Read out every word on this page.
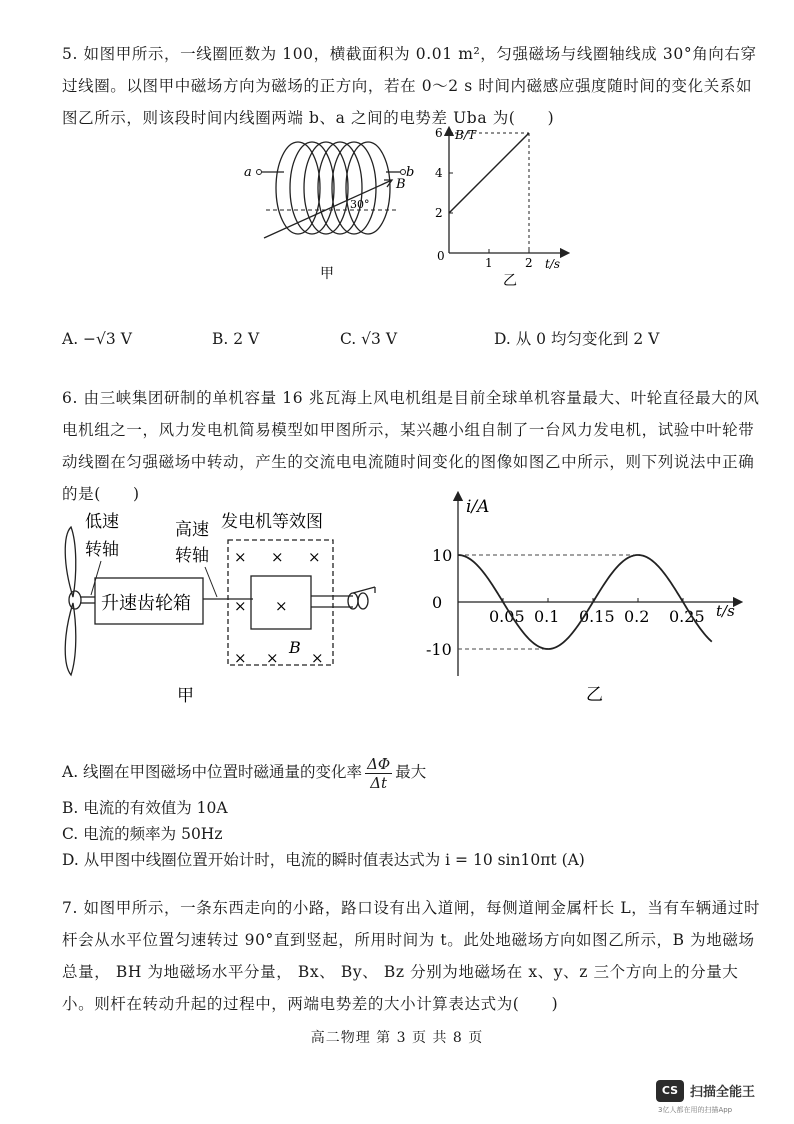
5. 如图甲所示，一线圈匝数为 100，横截面积为 0.01 m²，匀强磁场与线圈轴线成 30°角向右穿过线圈。以图甲中磁场方向为磁场的正方向，若在 0～2 s 时间内磁感应强度随时间的变化关系如图乙所示，则该段时间内线圈两端 b、a 之间的电势差 Uba 为(　　)
a	b
B
30°
甲
2
4
6
1	2
B/T
t/s
0
乙
A. −√3 V	B. 2 V	C. √3 V	D. 从 0 均匀变化到 2 V
6. 由三峡集团研制的单机容量 16 兆瓦海上风电机组是目前全球单机容量最大、叶轮直径最大的风电机组之一，风力发电机简易模型如甲图所示，某兴趣小组自制了一台风力发电机，试验中叶轮带动线圈在匀强磁场中转动，产生的交流电电流随时间变化的图像如图乙中所示，则下列说法中正确的是(　　)
低速
转轴
高速
转轴
发电机等效图
升速齿轮箱
B
× × ×
× ×
× × ×
甲
10
0
-10
0.05 0.1 0.15 0.2 0.25
i/A
t/s
乙
A. 线圈在甲图磁场中位置时磁通量的变化率 $\frac{\Delta\Phi}{\Delta t}$ 最大
B. 电流的有效值为 10A
C. 电流的频率为 50Hz
D. 从甲图中线圈位置开始计时，电流的瞬时值表达式为 i = 10 sin10πt (A)
7. 如图甲所示，一条东西走向的小路，路口设有出入道闸，每侧道闸金属杆长 L，当有车辆通过时杆会从水平位置匀速转过 90°直到竖起，所用时间为 t。此处地磁场方向如图乙所示，B 为地磁场总量， BH 为地磁场水平分量， Bx、 By、 Bz 分别为地磁场在 x、y、z 三个方向上的分量大小。则杆在转动升起的过程中，两端电势差的大小计算表达式为(　　)
高二物理 第 3 页 共 8 页
CS 扫描全能王
3亿人都在用的扫描App
